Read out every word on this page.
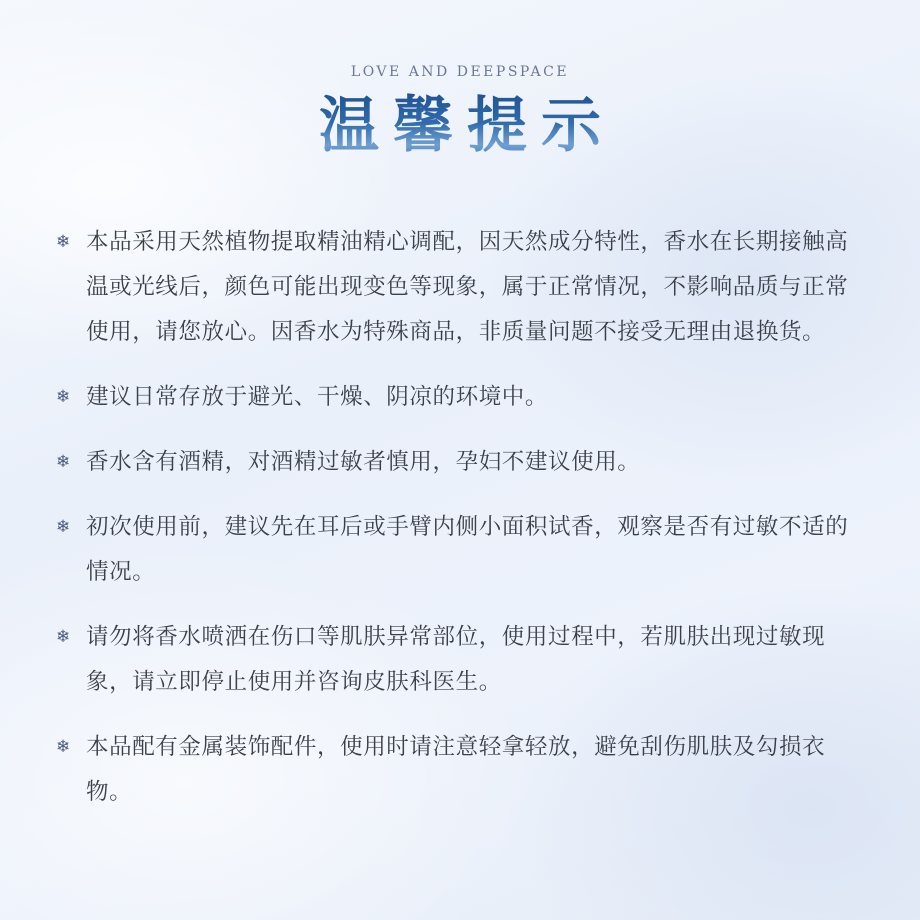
LOVE AND DEEPSPACE
温馨提示
❄ 本品采用天然植物提取精油精心调配，因天然成分特性，香水在长期接触高温或光线后，颜色可能出现变色等现象，属于正常情况，不影响品质与正常使用，请您放心。因香水为特殊商品，非质量问题不接受无理由退换货。
❄ 建议日常存放于避光、干燥、阴凉的环境中。
❄ 香水含有酒精，对酒精过敏者慎用，孕妇不建议使用。
❄ 初次使用前，建议先在耳后或手臂内侧小面积试香，观察是否有过敏不适的情况。
❄ 请勿将香水喷洒在伤口等肌肤异常部位，使用过程中，若肌肤出现过敏现象，请立即停止使用并咨询皮肤科医生。
❄ 本品配有金属装饰配件，使用时请注意轻拿轻放，避免刮伤肌肤及勾损衣物。
